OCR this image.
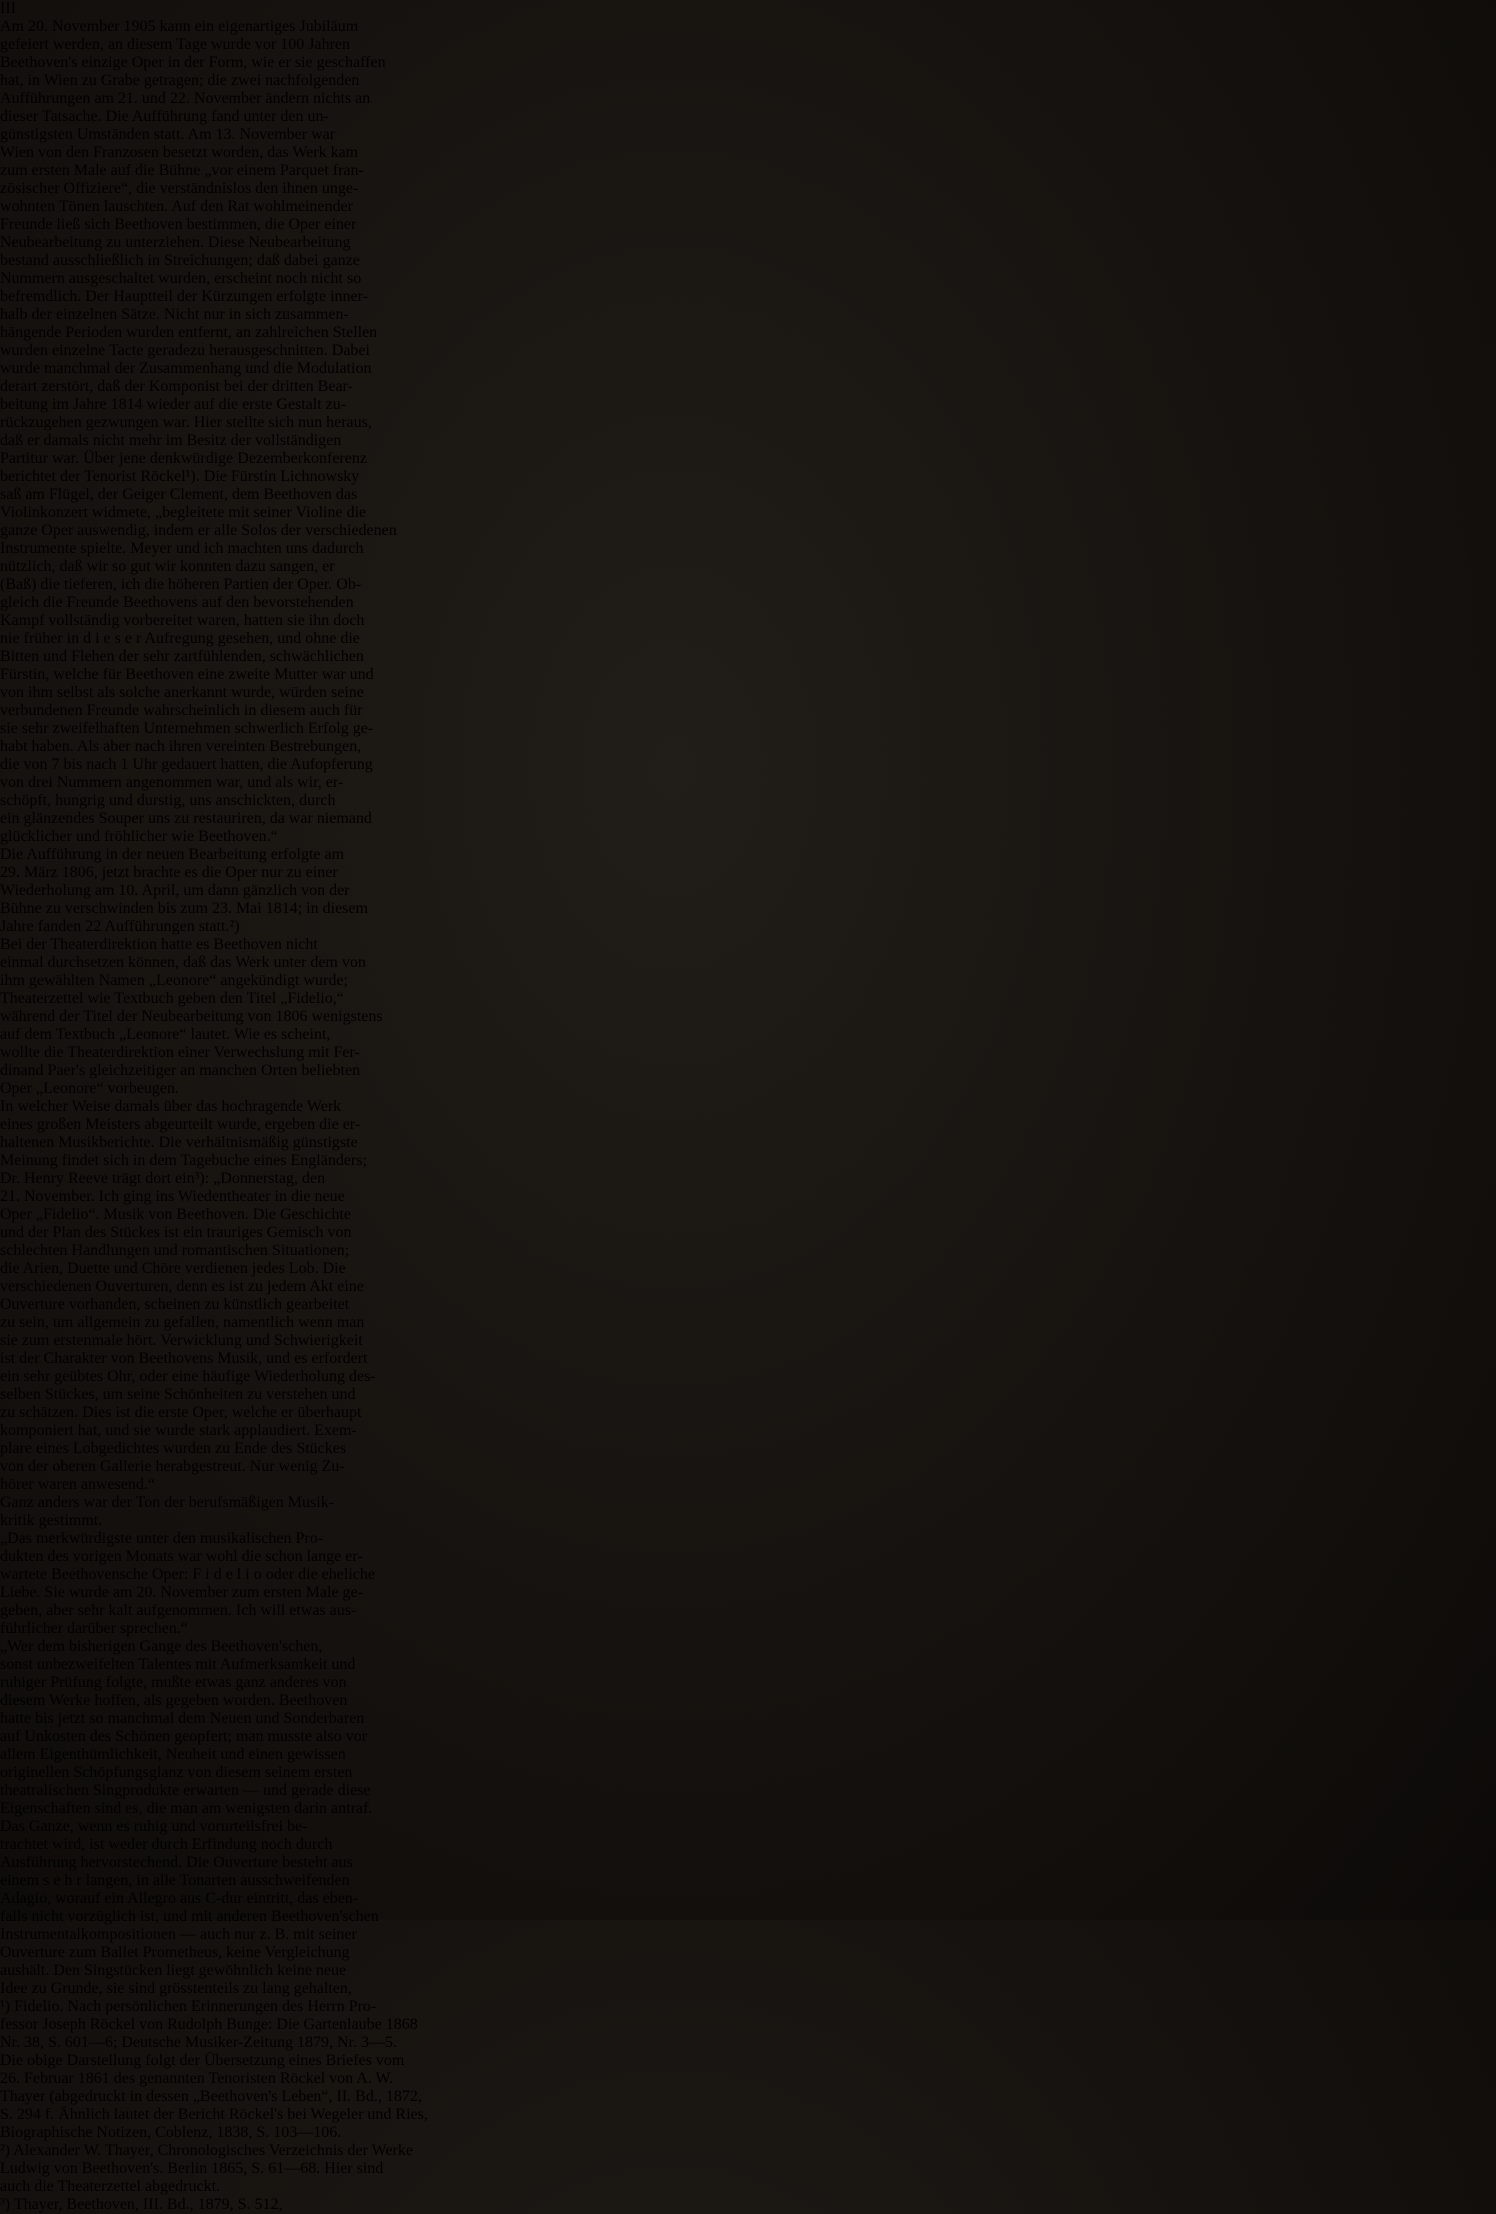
III
Am 20. November 1905 kann ein eigenartiges Jubiläum
gefeiert werden, an diesem Tage wurde vor 100 Jahren
Beethoven's einzige Oper in der Form, wie er sie geschaffen
hat, in Wien zu Grabe getragen; die zwei nachfolgenden
Aufführungen am 21. und 22. November ändern nichts an
dieser Tatsache. Die Aufführung fand unter den un-
günstigsten Umständen statt. Am 13. November war
Wien von den Franzosen besetzt worden, das Werk kam
zum ersten Male auf die Bühne „vor einem Parquet fran-
zösischer Offiziere“, die verständnislos den ihnen unge-
wohnten Tönen lauschten. Auf den Rat wohlmeinender
Freunde ließ sich Beethoven bestimmen, die Oper einer
Neubearbeitung zu unterziehen. Diese Neubearbeitung
bestand ausschließlich in Streichungen; daß dabei ganze
Nummern ausgeschaltet wurden, erscheint noch nicht so
befremdlich. Der Hauptteil der Kürzungen erfolgte inner-
halb der einzelnen Sätze. Nicht nur in sich zusammen-
hängende Perioden wurden entfernt, an zahlreichen Stellen
wurden einzelne Tacte geradezu herausgeschnitten. Dabei
wurde manchmal der Zusammenhang und die Modulation
derart zerstört, daß der Komponist bei der dritten Bear-
beitung im Jahre 1814 wieder auf die erste Gestalt zu-
rückzugehen gezwungen war. Hier stellte sich nun heraus,
daß er damals nicht mehr im Besitz der vollständigen
Partitur war. Über jene denkwürdige Dezemberkonferenz
berichtet der Tenorist Röckel¹). Die Fürstin Lichnowsky
saß am Flügel, der Geiger Clement, dem Beethoven das
Violinkonzert widmete, „begleitete mit seiner Violine die
ganze Oper auswendig, indem er alle Solos der verschiedenen
Instrumente spielte. Meyer und ich machten uns dadurch
nützlich, daß wir so gut wir konnten dazu sangen, er
(Baß) die tieferen, ich die höheren Partien der Oper. Ob-
gleich die Freunde Beethovens auf den bevorstehenden
Kampf vollständig vorbereitet waren, hatten sie ihn doch
nie früher in d i e s e r Aufregung gesehen, und ohne die
Bitten und Flehen der sehr zartfühlenden, schwächlichen
Fürstin, welche für Beethoven eine zweite Mutter war und
von ihm selbst als solche anerkannt wurde, würden seine
verbundenen Freunde wahrscheinlich in diesem auch für
sie sehr zweifelhaften Unternehmen schwerlich Erfolg ge-
habt haben. Als aber nach ihren vereinten Bestrebungen,
die von 7 bis nach 1 Uhr gedauert hatten, die Aufopferung
von drei Nummern angenommen war, und als wir, er-
schöpft, hungrig und durstig, uns anschickten, durch
ein glänzendes Souper uns zu restauriren, da war niemand
glücklicher und fröhlicher wie Beethoven.“
Die Aufführung in der neuen Bearbeitung erfolgte am
29. März 1806, jetzt brachte es die Oper nur zu einer
Wiederholung am 10. April, um dann gänzlich von der
Bühne zu verschwinden bis zum 23. Mai 1814; in diesem
Jahre fanden 22 Aufführungen statt.²)
Bei der Theaterdirektion hatte es Beethoven nicht
einmal durchsetzen können, daß das Werk unter dem von
ihm gewählten Namen „Leonore“ angekündigt wurde;
Theaterzettel wie Textbuch geben den Titel „Fidelio,“
während der Titel der Neubearbeitung von 1806 wenigstens
auf dem Textbuch „Leonore“ lautet. Wie es scheint,
wollte die Theaterdirektion einer Verwechslung mit Fer-
dinand Paer's gleichzeitiger an manchen Orten beliebten
Oper „Leonore“ vorbeugen.
In welcher Weise damals über das hochragende Werk
eines großen Meisters abgeurteilt wurde, ergeben die er-
haltenen Musikberichte. Die verhältnismäßig günstigste
Meinung findet sich in dem Tagebuche eines Engländers;
Dr. Henry Reeve trägt dort ein³): „Donnerstag, den
21. November. Ich ging ins Wiedentheater in die neue
Oper „Fidelio“. Musik von Beethoven. Die Geschichte
und der Plan des Stückes ist ein trauriges Gemisch von
schlechten Handlungen und romantischen Situationen;
die Arien, Duette und Chöre verdienen jedes Lob. Die
verschiedenen Ouverturen, denn es ist zu jedem Akt eine
Ouverture vorhanden, scheinen zu künstlich gearbeitet
zu sein, um allgemein zu gefallen, namentlich wenn man
sie zum erstenmale hört. Verwicklung und Schwierigkeit
ist der Charakter von Beethovens Musik, und es erfordert
ein sehr geübtes Ohr, oder eine häufige Wiederholung des-
selben Stückes, um seine Schönheiten zu verstehen und
zu schätzen. Dies ist die erste Oper, welche er überhaupt
komponiert hat, und sie wurde stark applaudiert. Exem-
plare eines Lobgedichtes wurden zu Ende des Stückes
von der oberen Gallerie herabgestreut. Nur wenig Zu-
hörer waren anwesend.“
Ganz anders war der Ton der berufsmäßigen Musik-
kritik gestimmt.
„Das merkwürdigste unter den musikalischen Pro-
dukten des vorigen Monats war wohl die schon lange er-
wartete Beethovensche Oper: F i d e l i o oder die eheliche
Liebe. Sie wurde am 20. November zum ersten Male ge-
geben, aber sehr kalt aufgenommen. Ich will etwas aus-
führlicher darüber sprechen.“
„Wer dem bisherigen Gange des Beethoven'schen,
sonst unbezweifelten Talentes mit Aufmerksamkeit und
ruhiger Prüfung folgte, mußte etwas ganz anderes von
diesem Werke hoffen, als gegeben worden. Beethoven
hatte bis jetzt so manchmal dem Neuen und Sonderbaren
auf Unkosten des Schönen geopfert; man musste also vor
allem Eigenthümlichkeit, Neuheit und einen gewissen
originellen Schöpfungsglanz von diesem seinem ersten
theatralischen Singprodukte erwarten — und gerade diese
Eigenschaften sind es, die man am wenigsten darin antraf.
Das Ganze, wenn es ruhig und vorurteilsfrei be-
trachtet wird, ist weder durch Erfindung noch durch
Ausführung hervorstechend. Die Ouverture besteht aus
einem s e h r langen, in alle Tonarten ausschweifenden
Adagio, worauf ein Allegro aus C-dur eintritt, das eben-
falls nicht vorzüglich ist, und mit anderen Beethoven'schen
Instrumentalkompositionen — auch nur z. B. mit seiner
Ouverture zum Ballet Prometheus, keine Vergleichung
aushält. Den Singstücken liegt gewöhnlich keine neue
Idee zu Grunde, sie sind grösstenteils zu lang gehalten,
¹) Fidelio. Nach persönlichen Erinnerungen des Herrn Pro-
fessor Joseph Röckel von Rudolph Bunge: Die Gartenlaube 1868
Nr. 38, S. 601—6; Deutsche Musiker-Zeitung 1879, Nr. 3—5.
Die obige Darstellung folgt der Übersetzung eines Briefes vom
26. Februar 1861 des genannten Tenoristen Röckel von A. W.
Thayer (abgedruckt in dessen „Beethoven's Leben“, II. Bd., 1872,
S. 294 f. Ähnlich lautet der Bericht Röckel's bei Wegeler und Ries,
Biographische Notizen, Coblenz, 1838, S. 103—106.
²) Alexander W. Thayer, Chronologisches Verzeichnis der Werke
Ludwig von Beethoven's. Berlin 1865, S. 61—68. Hier sind
auch die Theaterzettel abgedruckt.
³) Thayer, Beethoven, III. Bd., 1879, S. 512,
